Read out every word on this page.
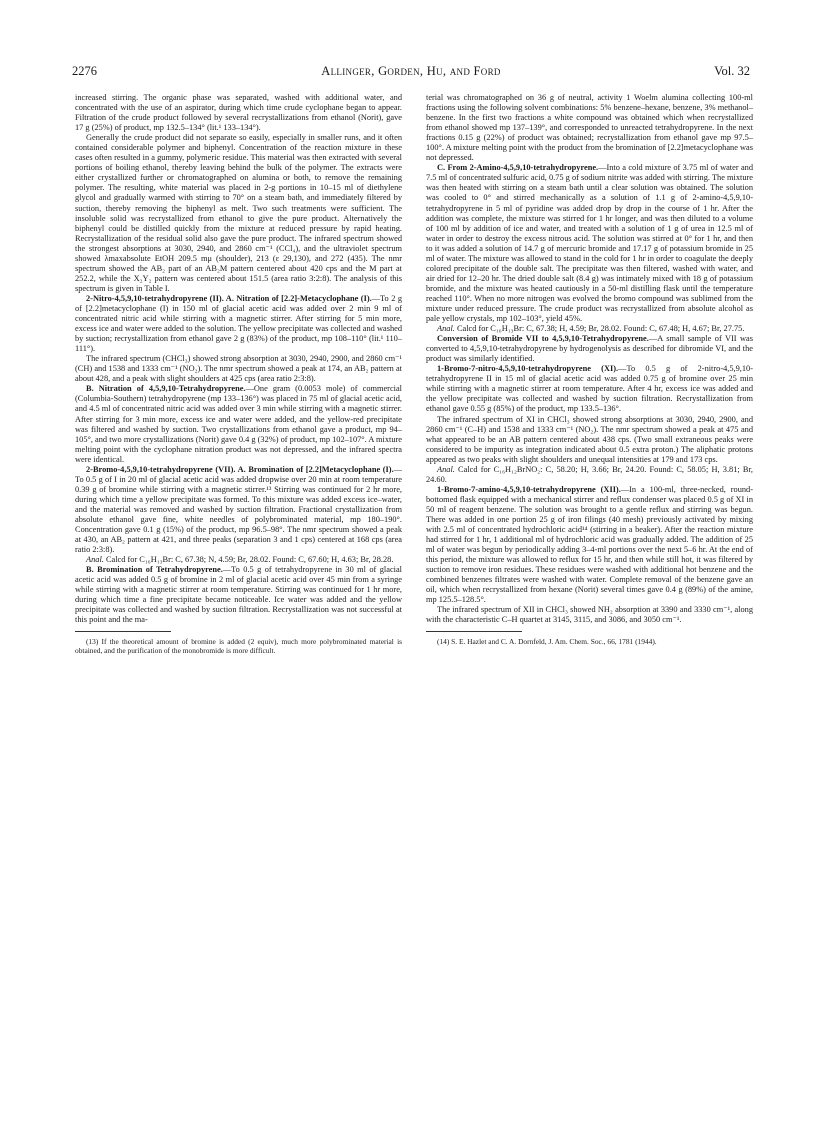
2276	Allinger, Gorden, Hu, and Ford	Vol. 32

increased stirring. The organic phase was separated, washed with additional water, and concentrated with the use of an aspirator, during which time crude cyclophane began to appear. Filtration of the crude product followed by several recrystallizations from ethanol (Norit), gave 17 g (25%) of product, mp 132.5–134° (lit.¹ 133–134°).

Generally the crude product did not separate so easily, especially in smaller runs, and it often contained considerable polymer and biphenyl. Concentration of the reaction mixture in these cases often resulted in a gummy, polymeric residue. This material was then extracted with several portions of boiling ethanol, thereby leaving behind the bulk of the polymer. The extracts were either crystallized further or chromatographed on alumina or both, to remove the remaining polymer. The resulting, white material was placed in 2-g portions in 10–15 ml of diethylene glycol and gradually warmed with stirring to 70° on a steam bath, and immediately filtered by suction, thereby removing the biphenyl as melt. Two such treatments were sufficient. The insoluble solid was recrystallized from ethanol to give the pure product. Alternatively the biphenyl could be distilled quickly from the mixture at reduced pressure by rapid heating. Recrystallization of the residual solid also gave the pure product. The infrared spectrum showed the strongest absorptions at 3030, 2940, and 2860 cm⁻¹ (CCl₄), and the ultraviolet spectrum showed λmaxabsolute EtOH 209.5 mμ (shoulder), 213 (ε 29,130), and 272 (435). The nmr spectrum showed the AB₂ part of an AB₂M pattern centered about 420 cps and the M part at 252.2, while the X₂Y₂ pattern was centered about 151.5 (area ratio 3:2:8). The analysis of this spectrum is given in Table I.

2-Nitro-4,5,9,10-tetrahydropyrene (II). A. Nitration of [2.2]-Metacyclophane (I).—To 2 g of [2.2]metacyclophane (I) in 150 ml of glacial acetic acid was added over 2 min 9 ml of concentrated nitric acid while stirring with a magnetic stirrer. After stirring for 5 min more, excess ice and water were added to the solution. The yellow precipitate was collected and washed by suction; recrystallization from ethanol gave 2 g (83%) of the product, mp 108–110° (lit.¹ 110–111°).

The infrared spectrum (CHCl₃) showed strong absorption at 3030, 2940, 2900, and 2860 cm⁻¹ (CH) and 1538 and 1333 cm⁻¹ (NO₂). The nmr spectrum showed a peak at 174, an AB₂ pattern at about 428, and a peak with slight shoulders at 425 cps (area ratio 2:3:8).

B. Nitration of 4,5,9,10-Tetrahydropyrene.—One gram (0.0053 mole) of commercial (Columbia-Southern) tetrahydropyrene (mp 133–136°) was placed in 75 ml of glacial acetic acid, and 4.5 ml of concentrated nitric acid was added over 3 min while stirring with a magnetic stirrer. After stirring for 3 min more, excess ice and water were added, and the yellow-red precipitate was filtered and washed by suction. Two crystallizations from ethanol gave a product, mp 94–105°, and two more crystallizations (Norit) gave 0.4 g (32%) of product, mp 102–107°. A mixture melting point with the cyclophane nitration product was not depressed, and the infrared spectra were identical.

2-Bromo-4,5,9,10-tetrahydropyrene (VII). A. Bromination of [2.2]Metacyclophane (I).—To 0.5 g of I in 20 ml of glacial acetic acid was added dropwise over 20 min at room temperature 0.39 g of bromine while stirring with a magnetic stirrer.¹³ Stirring was continued for 2 hr more, during which time a yellow precipitate was formed. To this mixture was added excess ice–water, and the material was removed and washed by suction filtration. Fractional crystallization from absolute ethanol gave fine, white needles of polybrominated material, mp 180–190°. Concentration gave 0.1 g (15%) of the product, mp 96.5–98°. The nmr spectrum showed a peak at 430, an AB₂ pattern at 421, and three peaks (separation 3 and 1 cps) centered at 168 cps (area ratio 2:3:8).

Anal. Calcd for C₁₆H₁₃Br: C, 67.38; N, 4.59; Br, 28.02. Found: C, 67.60; H, 4.63; Br, 28.28.

B. Bromination of Tetrahydropyrene.—To 0.5 g of tetrahydropyrene in 30 ml of glacial acetic acid was added 0.5 g of bromine in 2 ml of glacial acetic acid over 45 min from a syringe while stirring with a magnetic stirrer at room temperature. Stirring was continued for 1 hr more, during which time a fine precipitate became noticeable. Ice water was added and the yellow precipitate was collected and washed by suction filtration. Recrystallization was not successful at this point and the ma-

(13) If the theoretical amount of bromine is added (2 equiv), much more polybrominated material is obtained, and the purification of the monobromide is more difficult.

terial was chromatographed on 36 g of neutral, activity 1 Woelm alumina collecting 100-ml fractions using the following solvent combinations: 5% benzene–hexane, benzene, 3% methanol–benzene. In the first two fractions a white compound was obtained which when recrystallized from ethanol showed mp 137–139°, and corresponded to unreacted tetrahydropyrene. In the next fractions 0.15 g (22%) of product was obtained; recrystallization from ethanol gave mp 97.5–100°. A mixture melting point with the product from the bromination of [2.2]metacyclophane was not depressed.

C. From 2-Amino-4,5,9,10-tetrahydropyrene.—Into a cold mixture of 3.75 ml of water and 7.5 ml of concentrated sulfuric acid, 0.75 g of sodium nitrite was added with stirring. The mixture was then heated with stirring on a steam bath until a clear solution was obtained. The solution was cooled to 0° and stirred mechanically as a solution of 1.1 g of 2-amino-4,5,9,10-tetrahydropyrene in 5 ml of pyridine was added drop by drop in the course of 1 hr. After the addition was complete, the mixture was stirred for 1 hr longer, and was then diluted to a volume of 100 ml by addition of ice and water, and treated with a solution of 1 g of urea in 12.5 ml of water in order to destroy the excess nitrous acid. The solution was stirred at 0° for 1 hr, and then to it was added a solution of 14.7 g of mercuric bromide and 17.17 g of potassium bromide in 25 ml of water. The mixture was allowed to stand in the cold for 1 hr in order to coagulate the deeply colored precipitate of the double salt. The precipitate was then filtered, washed with water, and air dried for 12–20 hr. The dried double salt (8.4 g) was intimately mixed with 18 g of potassium bromide, and the mixture was heated cautiously in a 50-ml distilling flask until the temperature reached 110°. When no more nitrogen was evolved the bromo compound was sublimed from the mixture under reduced pressure. The crude product was recrystallized from absolute alcohol as pale yellow crystals, mp 102–103°, yield 45%.

Anal. Calcd for C₁₆H₁₃Br: C, 67.38; H, 4.59; Br, 28.02. Found: C, 67.48; H, 4.67; Br, 27.75.

Conversion of Bromide VII to 4,5,9,10-Tetrahydropyrene.—A small sample of VII was converted to 4,5,9,10-tetrahydropyrene by hydrogenolysis as described for dibromide VI, and the product was similarly identified.

1-Bromo-7-nitro-4,5,9,10-tetrahydropyrene (XI).—To 0.5 g of 2-nitro-4,5,9,10-tetrahydropyrene II in 15 ml of glacial acetic acid was added 0.75 g of bromine over 25 min while stirring with a magnetic stirrer at room temperature. After 4 hr, excess ice was added and the yellow precipitate was collected and washed by suction filtration. Recrystallization from ethanol gave 0.55 g (85%) of the product, mp 133.5–136°.

The infrared spectrum of XI in CHCl₃ showed strong absorptions at 3030, 2940, 2900, and 2860 cm⁻¹ (C–H) and 1538 and 1333 cm⁻¹ (NO₂). The nmr spectrum showed a peak at 475 and what appeared to be an AB pattern centered about 438 cps. (Two small extraneous peaks were considered to be impurity as integration indicated about 0.5 extra proton.) The aliphatic protons appeared as two peaks with slight shoulders and unequal intensities at 179 and 173 cps.

Anal. Calcd for C₁₆H₁₂BrNO₂: C, 58.20; H, 3.66; Br, 24.20. Found: C, 58.05; H, 3.81; Br, 24.60.

1-Bromo-7-amino-4,5,9,10-tetrahydropyrene (XII).—In a 100-ml, three-necked, round-bottomed flask equipped with a mechanical stirrer and reflux condenser was placed 0.5 g of XI in 50 ml of reagent benzene. The solution was brought to a gentle reflux and stirring was begun. There was added in one portion 25 g of iron filings (40 mesh) previously activated by mixing with 2.5 ml of concentrated hydrochloric acid¹⁴ (stirring in a beaker). After the reaction mixture had stirred for 1 hr, 1 additional ml of hydrochloric acid was gradually added. The addition of 25 ml of water was begun by periodically adding 3–4-ml portions over the next 5–6 hr. At the end of this period, the mixture was allowed to reflux for 15 hr, and then while still hot, it was filtered by suction to remove iron residues. These residues were washed with additional hot benzene and the combined benzenes filtrates were washed with water. Complete removal of the benzene gave an oil, which when recrystallized from hexane (Norit) several times gave 0.4 g (89%) of the amine, mp 125.5–128.5°.

The infrared spectrum of XII in CHCl₃ showed NH₂ absorption at 3390 and 3330 cm⁻¹, along with the characteristic C–H quartet at 3145, 3115, and 3086, and 3050 cm⁻¹.

(14) S. E. Hazlet and C. A. Dornfeld, J. Am. Chem. Soc., 66, 1781 (1944).
